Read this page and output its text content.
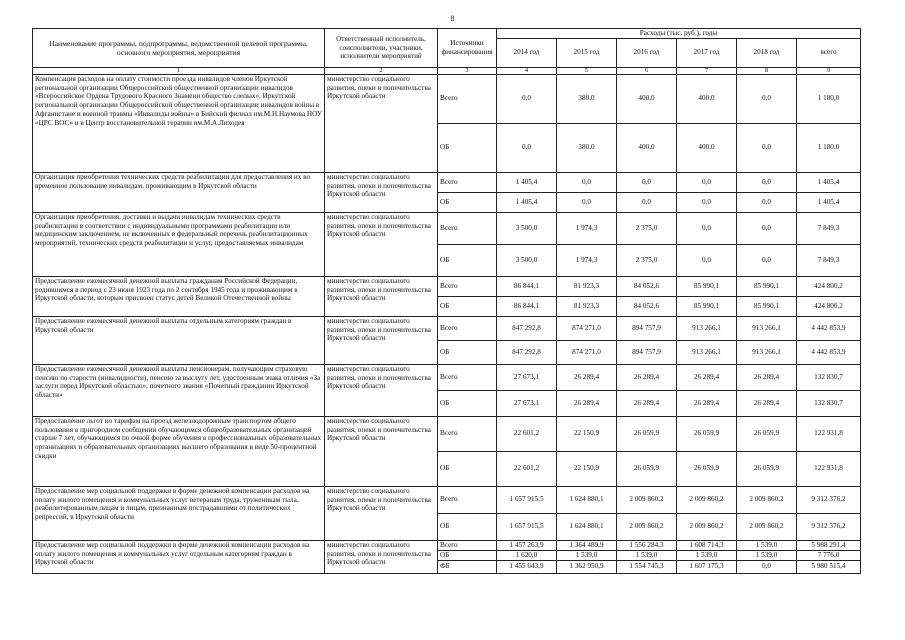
8
Наименование программы, подпрограммы, ведомственной целевой программы, основного мероприятия, мероприятия	Ответственный исполнитель, соисполнители, участники, исполнители мероприятий	Источники финансирования	Расходы (тыс. руб.), годы					
			2014 год	2015 год	2016 год	2017 год	2018 год	всего
1	2	3	4	5	6	7	8	9
Компенсация расходов на оплату стоимости проезда инвалидов членов Иркутской региональной организации Общероссийской общественной организации инвалидов «Всероссийское Ордена Трудового Красного Знамени общество слепых», Иркутской региональной организации Общероссийской общественной организации инвалидов войны в Афганистане и военной травмы «Инвалиды войны» в Бийский филиал им.М.Н.Наумова НОУ «ЦРС ВОС» и в Центр восстановительной терапии им.М.А.Лиходея	министерство социального развития, опеки и попечительства Иркутской области	Всего	0,0	380,0	400,0	400,0	0,0	1 180,0
		ОБ	0,0	380,0	400,0	400,0	0,0	1 180,0
Организация приобретения технических средств реабилитации для предоставления их во временное пользование инвалидам, проживающим в Иркутской области	министерство социального развития, опеки и попечительства Иркутской области	Всего	1 405,4	0,0	0,0	0,0	0,0	1 405,4
		ОБ	1 405,4	0,0	0,0	0,0	0,0	1 405,4
Организация приобретения, доставки и выдачи инвалидам технических средств реабилитации в соответствии с индивидуальными программами реабилитации или медицинским заключением, не включенных в федеральный перечень реабилитационных мероприятий, технических средств реабилитации и услуг, предоставляемых инвалидам	министерство социального развития, опеки и попечительства Иркутской области	Всего	3 500,0	1 974,3	2 375,0	0,0	0,0	7 849,3
		ОБ	3 500,0	1 974,3	2 375,0	0,0	0,0	7 849,3
Предоставление ежемесячной денежной выплаты гражданам Российской Федерации, родившимся в период с 23 июня 1923 года по 2 сентября 1945 года и проживающим в Иркутской области, которым присвоен статус детей Великой Отечественной войны	министерство социального развития, опеки и попечительства Иркутской области	Всего	86 844,1	81 923,3	84 052,6	85 990,1	85 990,1	424 800,2
		ОБ	86 844,1	81 923,3	84 052,6	85 990,1	85 990,1	424 800,2
Предоставление ежемесячной денежной выплаты отдельным категориям граждан в Иркутской области	министерство социального развития, опеки и попечительства Иркутской области	Всего	847 292,8	874 271,0	894 757,9	913 266,1	913 266,1	4 442 853,9
		ОБ	847 292,8	874 271,0	894 757,9	913 266,1	913 266,1	4 442 853,9
Предоставление ежемесячной денежной выплаты пенсионерам, получающим страховую пенсию по старости (инвалидности), пенсию за выслугу лет, удостоенным знака отличия «За заслуги перед Иркутской областью», почетного звания «Почетный гражданин Иркутской области»	министерство социального развития, опеки и попечительства Иркутской области	Всего	27 673,1	26 289,4	26 289,4	26 289,4	26 289,4	132 830,7
		ОБ	27 673,1	26 289,4	26 289,4	26 289,4	26 289,4	132 830,7
Предоставление льгот по тарифам на проезд железнодорожным транспортом общего пользования в пригородном сообщении обучающимся общеобразовательных организаций старше 7 лет, обучающимся по очной форме обучения в профессиональных образовательных организациях и образовательных организациях высшего образования в виде 50-процентной скидки	министерство социального развития, опеки и попечительства Иркутской области	Всего	22 601,2	22 150,9	26 059,9	26 059,9	26 059,9	122 931,8
		ОБ	22 601,2	22 150,9	26 059,9	26 059,9	26 059,9	122 931,8
Предоставление мер социальной поддержки в форме денежной компенсации расходов на оплату жилого помещения и коммунальных услуг ветеранам труда, труженикам тыла, реабилитированным лицам и лицам, признанным пострадавшими от политических репрессий, в Иркутской области	министерство социального развития, опеки и попечительства Иркутской области	Всего	1 657 915,5	1 624 880,1	2 009 860,2	2 009 860,2	2 009 860,2	9 312 376,2
		ОБ	1 657 915,5	1 624 880,1	2 009 860,2	2 009 860,2	2 009 860,2	9 312 376,2
Предоставление мер социальной поддержки в форме денежной компенсации расходов на оплату жилого помещения и коммунальных услуг отдельным категориям граждан в Иркутской области	министерство социального развития, опеки и попечительства Иркутской области	Всего	1 457 263,9	1 364 489,9	1 556 284,3	1 608 714,3	1 539,0	5 988 291,4
		ОБ	1 620,0	1 539,0	1 539,0	1 539,0	1 539,0	7 776,0
		ФБ	1 455 643,9	1 362 950,9	1 554 745,3	1 607 175,3	0,0	5 980 515,4
